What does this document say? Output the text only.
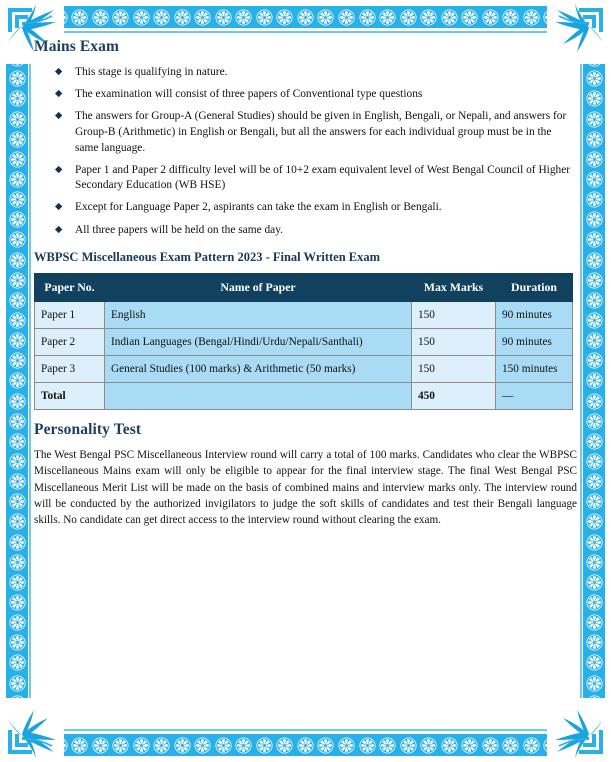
Mains Exam
◆ This stage is qualifying in nature.
◆ The examination will consist of three papers of Conventional type questions
◆ The answers for Group-A (General Studies) should be given in English, Bengali, or Nepali, and answers for Group-B (Arithmetic) in English or Bengali, but all the answers for each individual group must be in the same language.
◆ Paper 1 and Paper 2 difficulty level will be of 10+2 exam equivalent level of West Bengal Council of Higher Secondary Education (WB HSE)
◆ Except for Language Paper 2, aspirants can take the exam in English or Bengali.
◆ All three papers will be held on the same day.
WBPSC Miscellaneous Exam Pattern 2023 - Final Written Exam
Paper No.	Name of Paper	Max Marks	Duration
Paper 1	English	150	90 minutes
Paper 2	Indian Languages (Bengal/Hindi/Urdu/Nepali/Santhali)	150	90 minutes
Paper 3	General Studies (100 marks) & Arithmetic (50 marks)	150	150 minutes
Total		450	—
Personality Test

The West Bengal PSC Miscellaneous Interview round will carry a total of 100 marks. Candidates who clear the WBPSC Miscellaneous Mains exam will only be eligible to appear for the final interview stage. The final West Bengal PSC Miscellaneous Merit List will be made on the basis of combined mains and interview marks only. The interview round will be conducted by the authorized invigilators to judge the soft skills of candidates and test their Bengali language skills. No candidate can get direct access to the interview round without clearing the exam.
